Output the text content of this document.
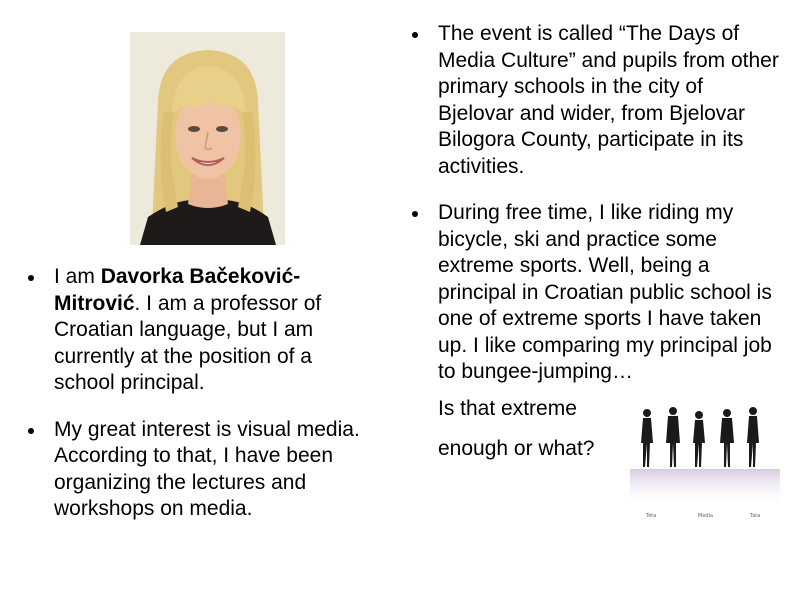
I am Davorka Bačeković-Mitrović. I am a professor of Croatian language, but I am currently at the position of a school principal.
My great interest is visual media. According to that, I have been organizing the lectures and workshops on media.
The event is called “The Days of Media Culture” and pupils from other primary schools in the city of Bjelovar and wider, from Bjelovar Bilogora County, participate in its activities.
During free time, I like riding my bicycle, ski and practice some extreme sports. Well, being a principal in Croatian public school is one of extreme sports I have taken up. I like comparing my principal job to bungee-jumping…
Is that extreme
enough or what?
Teta	Media	Tata
